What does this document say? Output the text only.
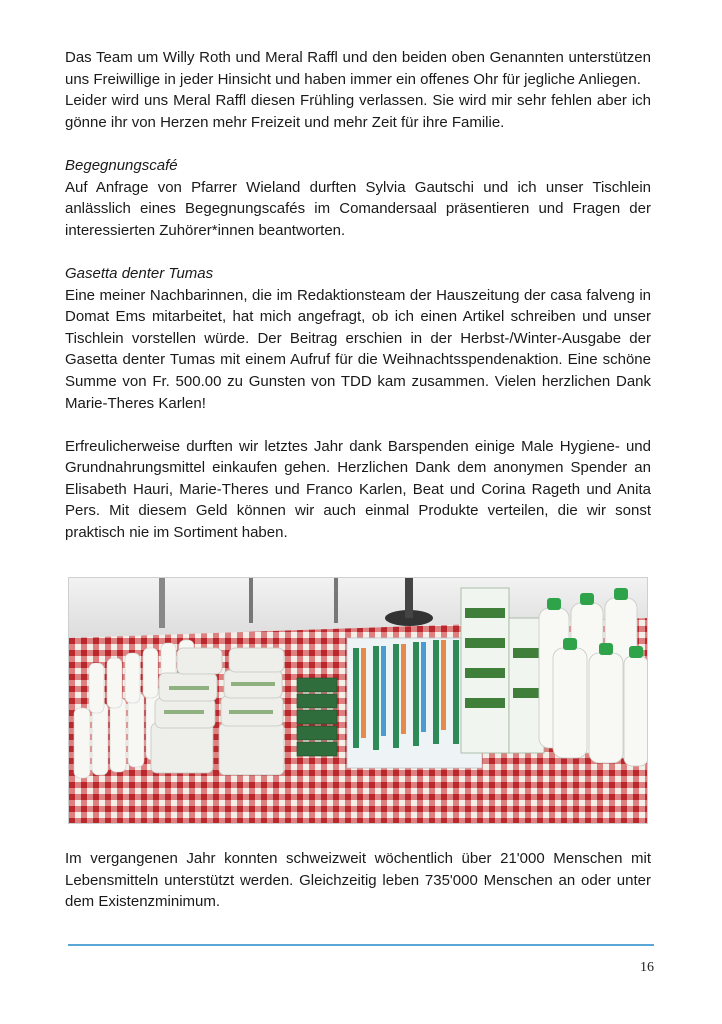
Das Team um Willy Roth und Meral Raffl und den beiden oben Genannten unterstützen uns Freiwillige in jeder Hinsicht und haben immer ein offenes Ohr für jegliche Anliegen.

Leider wird uns Meral Raffl diesen Frühling verlassen. Sie wird mir sehr fehlen aber ich gönne ihr von Herzen mehr Freizeit und mehr Zeit für ihre Familie.

Begegnungscafé

Auf Anfrage von Pfarrer Wieland durften Sylvia Gautschi und ich unser Tischlein anlässlich eines Begegnungscafés im Comandersaal präsentieren und Fragen der interessierten Zuhörer*innen beantworten.

Gasetta denter Tumas

Eine meiner Nachbarinnen, die im Redaktionsteam der Hauszeitung der casa falveng in Domat Ems mitarbeitet, hat mich angefragt, ob ich einen Artikel schreiben und unser Tischlein vorstellen würde. Der Beitrag erschien in der Herbst-/Winter-Ausgabe der Gasetta denter Tumas mit einem Aufruf für die Weihnachtsspendenaktion. Eine schöne Summe von Fr. 500.00 zu Gunsten von TDD kam zusammen. Vielen herzlichen Dank Marie-Theres Karlen!

Erfreulicherweise durften wir letztes Jahr dank Barspenden einige Male Hygiene- und Grundnahrungsmittel einkaufen gehen. Herzlichen Dank dem anonymen Spender an Elisabeth Hauri, Marie-Theres und Franco Karlen, Beat und Corina Rageth und Anita Pers. Mit diesem Geld können wir auch einmal Produkte verteilen, die wir sonst praktisch nie im Sortiment haben.

Im vergangenen Jahr konnten schweizweit wöchentlich über 21'000 Menschen mit Lebensmitteln unterstützt werden. Gleichzeitig leben 735'000 Menschen an oder unter dem Existenzminimum.

16
